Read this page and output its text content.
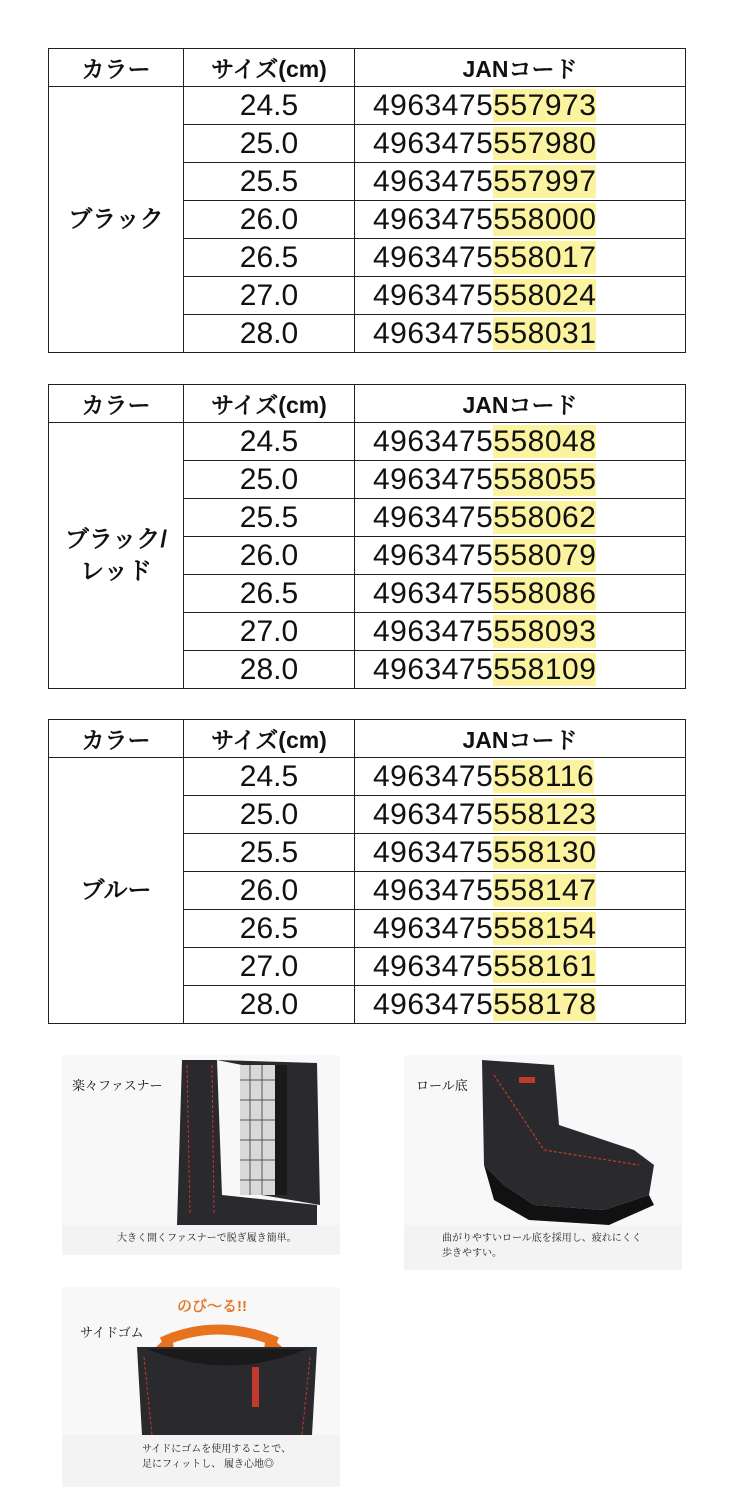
カラー	サイズ(cm)	JANコード
ブラック	24.5	4963475557973
	25.0	4963475557980
	25.5	4963475557997
	26.0	4963475558000
	26.5	4963475558017
	27.0	4963475558024
	28.0	4963475558031
カラー	サイズ(cm)	JANコード
ブラック/
レッド	24.5	4963475558048
	25.0	4963475558055
	25.5	4963475558062
	26.0	4963475558079
	26.5	4963475558086
	27.0	4963475558093
	28.0	4963475558109
カラー	サイズ(cm)	JANコード
ブルー	24.5	4963475558116
	25.0	4963475558123
	25.5	4963475558130
	26.0	4963475558147
	26.5	4963475558154
	27.0	4963475558161
	28.0	4963475558178
楽々ファスナー
大きく開くファスナーで脱ぎ履き簡単。
ロール底
曲がりやすいロール底を採用し、疲れにくく
歩きやすい。
のび～る!!
サイドゴム
サイドにゴムを使用することで、
足にフィットし、 履き心地◎
